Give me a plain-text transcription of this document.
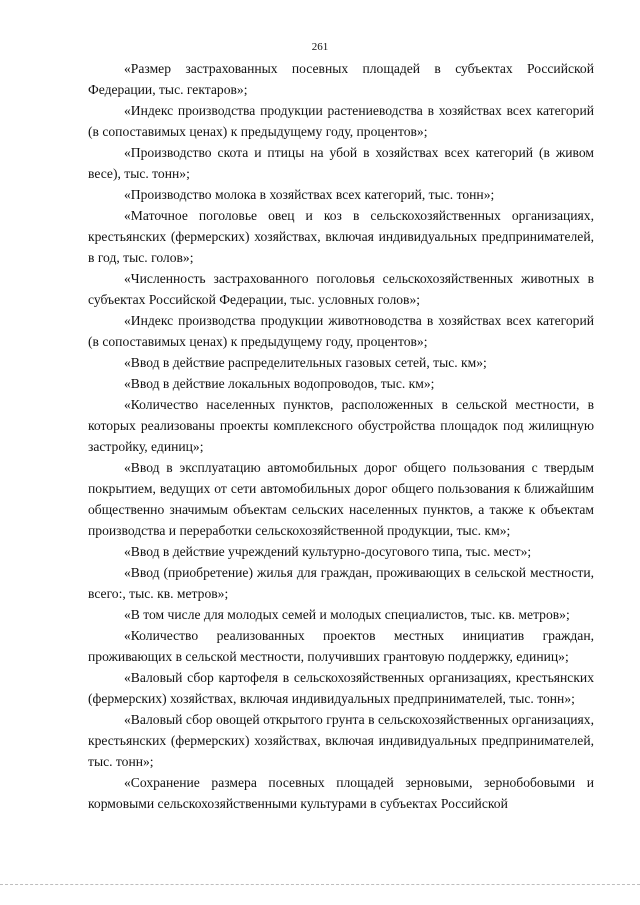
261

«Размер застрахованных посевных площадей в субъектах Российской Федерации, тыс. гектаров»;

«Индекс производства продукции растениеводства в хозяйствах всех категорий (в сопоставимых ценах) к предыдущему году, процентов»;

«Производство скота и птицы на убой в хозяйствах всех категорий (в живом весе), тыс. тонн»;

«Производство молока в хозяйствах всех категорий, тыс. тонн»;

«Маточное поголовье овец и коз в сельскохозяйственных организациях, крестьянских (фермерских) хозяйствах, включая индивидуальных предпринимателей, в год, тыс. голов»;

«Численность застрахованного поголовья сельскохозяйственных животных в субъектах Российской Федерации, тыс. условных голов»;

«Индекс производства продукции животноводства в хозяйствах всех категорий (в сопоставимых ценах) к предыдущему году, процентов»;

«Ввод в действие распределительных газовых сетей, тыс. км»;

«Ввод в действие локальных водопроводов, тыс. км»;

«Количество населенных пунктов, расположенных в сельской местности, в которых реализованы проекты комплексного обустройства площадок под жилищную застройку, единиц»;

«Ввод в эксплуатацию автомобильных дорог общего пользования с твердым покрытием, ведущих от сети автомобильных дорог общего пользования к ближайшим общественно значимым объектам сельских населенных пунктов, а также к объектам производства и переработки сельскохозяйственной продукции, тыс. км»;

«Ввод в действие учреждений культурно-досугового типа, тыс. мест»;

«Ввод (приобретение) жилья для граждан, проживающих в сельской местности, всего:, тыс. кв. метров»;

«В том числе для молодых семей и молодых специалистов, тыс. кв. метров»;

«Количество реализованных проектов местных инициатив граждан, проживающих в сельской местности, получивших грантовую поддержку, единиц»;

«Валовый сбор картофеля в сельскохозяйственных организациях, крестьянских (фермерских) хозяйствах, включая индивидуальных предпринимателей, тыс. тонн»;

«Валовый сбор овощей открытого грунта в сельскохозяйственных организациях, крестьянских (фермерских) хозяйствах, включая индивидуальных предпринимателей, тыс. тонн»;

«Сохранение размера посевных площадей зерновыми, зернобобовыми и кормовыми сельскохозяйственными культурами в субъектах Российской
